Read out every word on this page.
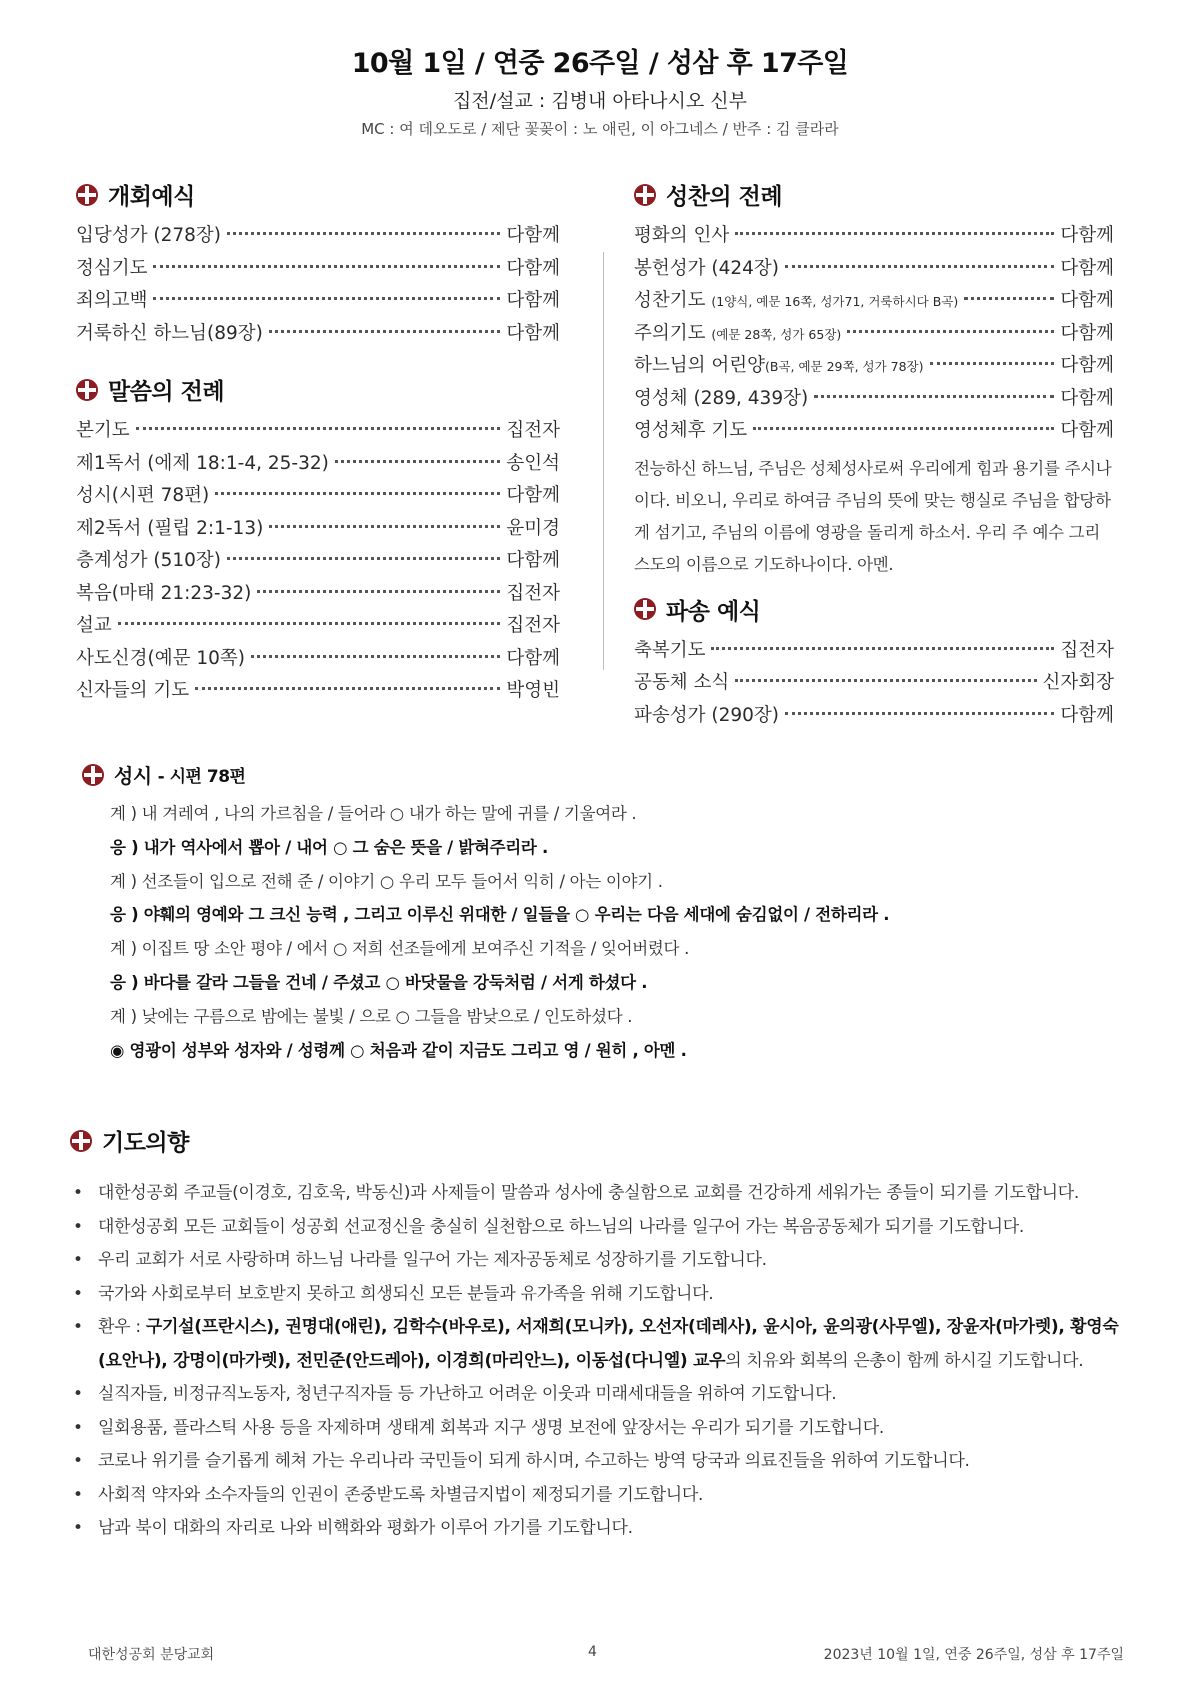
10월 1일 / 연중 26주일 / 성삼 후 17주일
집전/설교 : 김병내 아타나시오 신부
MC : 여 데오도로 / 제단 꽃꽂이 : 노 애린, 이 아그네스 / 반주 : 김 클라라
개회예식
입당성가 (278장)	다함께
정심기도	다함께
죄의고백	다함께
거룩하신 하느님(89장)	다함께
말씀의 전례
본기도	집전자
제1독서 (에제 18:1-4, 25-32)	송인석
성시(시편 78편)	다함께
제2독서 (필립 2:1-13)	윤미경
층계성가 (510장)	다함께
복음(마태 21:23-32)	집전자
설교	집전자
사도신경(예문 10쪽)	다함께
신자들의 기도	박영빈
성찬의 전례
평화의 인사	다함께
봉헌성가 (424장)	다함께
성찬기도 (1양식, 예문 16쪽, 성가71, 거룩하시다 B곡)	다함께
주의기도 (예문 28쪽, 성가 65장)	다함께
하느님의 어린양(B곡, 예문 29쪽, 성가 78장)	다함께
영성체 (289, 439장)	다함께
영성체후 기도	다함께
전능하신 하느님, 주님은 성체성사로써 우리에게 힘과 용기를 주시나이다. 비오니, 우리로 하여금 주님의 뜻에 맞는 행실로 주님을 합당하게 섬기고, 주님의 이름에 영광을 돌리게 하소서. 우리 주 예수 그리스도의 이름으로 기도하나이다. 아멘.
파송 예식
축복기도	집전자
공동체 소식	신자회장
파송성가 (290장)	다함께
성시 - 시편 78편
계 ) 내 겨레여 , 나의 가르침을 / 들어라 ○ 내가 하는 말에 귀를 / 기울여라 .
응 ) 내가 역사에서 뽑아 / 내어 ○ 그 숨은 뜻을 / 밝혀주리라 .
계 ) 선조들이 입으로 전해 준 / 이야기 ○ 우리 모두 들어서 익히 / 아는 이야기 .
응 ) 야훼의 영예와 그 크신 능력 , 그리고 이루신 위대한 / 일들을 ○ 우리는 다음 세대에 숨김없이 / 전하리라 .
계 ) 이집트 땅 소안 평야 / 에서 ○ 저희 선조들에게 보여주신 기적을 / 잊어버렸다 .
응 ) 바다를 갈라 그들을 건네 / 주셨고 ○ 바닷물을 강둑처럼 / 서게 하셨다 .
계 ) 낮에는 구름으로 밤에는 불빛 / 으로 ○ 그들을 밤낮으로 / 인도하셨다 .
◉ 영광이 성부와 성자와 / 성령께 ○ 처음과 같이 지금도 그리고 영 / 원히 , 아멘 .
기도의향
• 대한성공회 주교들(이경호, 김호욱, 박동신)과 사제들이 말씀과 성사에 충실함으로 교회를 건강하게 세워가는 종들이 되기를 기도합니다.
• 대한성공회 모든 교회들이 성공회 선교정신을 충실히 실천함으로 하느님의 나라를 일구어 가는 복음공동체가 되기를 기도합니다.
• 우리 교회가 서로 사랑하며 하느님 나라를 일구어 가는 제자공동체로 성장하기를 기도합니다.
• 국가와 사회로부터 보호받지 못하고 희생되신 모든 분들과 유가족을 위해 기도합니다.
• 환우 : 구기설(프란시스), 권명대(애린), 김학수(바우로), 서재희(모니카), 오선자(데레사), 윤시아, 윤의광(사무엘), 장윤자(마가렛), 황영숙(요안나), 강명이(마가렛), 전민준(안드레아), 이경희(마리안느), 이동섭(다니엘) 교우의 치유와 회복의 은총이 함께 하시길 기도합니다.
• 실직자들, 비정규직노동자, 청년구직자들 등 가난하고 어려운 이웃과 미래세대들을 위하여 기도합니다.
• 일회용품, 플라스틱 사용 등을 자제하며 생태계 회복과 지구 생명 보전에 앞장서는 우리가 되기를 기도합니다.
• 코로나 위기를 슬기롭게 헤쳐 가는 우리나라 국민들이 되게 하시며, 수고하는 방역 당국과 의료진들을 위하여 기도합니다.
• 사회적 약자와 소수자들의 인권이 존중받도록 차별금지법이 제정되기를 기도합니다.
• 남과 북이 대화의 자리로 나와 비핵화와 평화가 이루어 가기를 기도합니다.
대한성공회 분당교회	4	2023년 10월 1일, 연중 26주일, 성삼 후 17주일
